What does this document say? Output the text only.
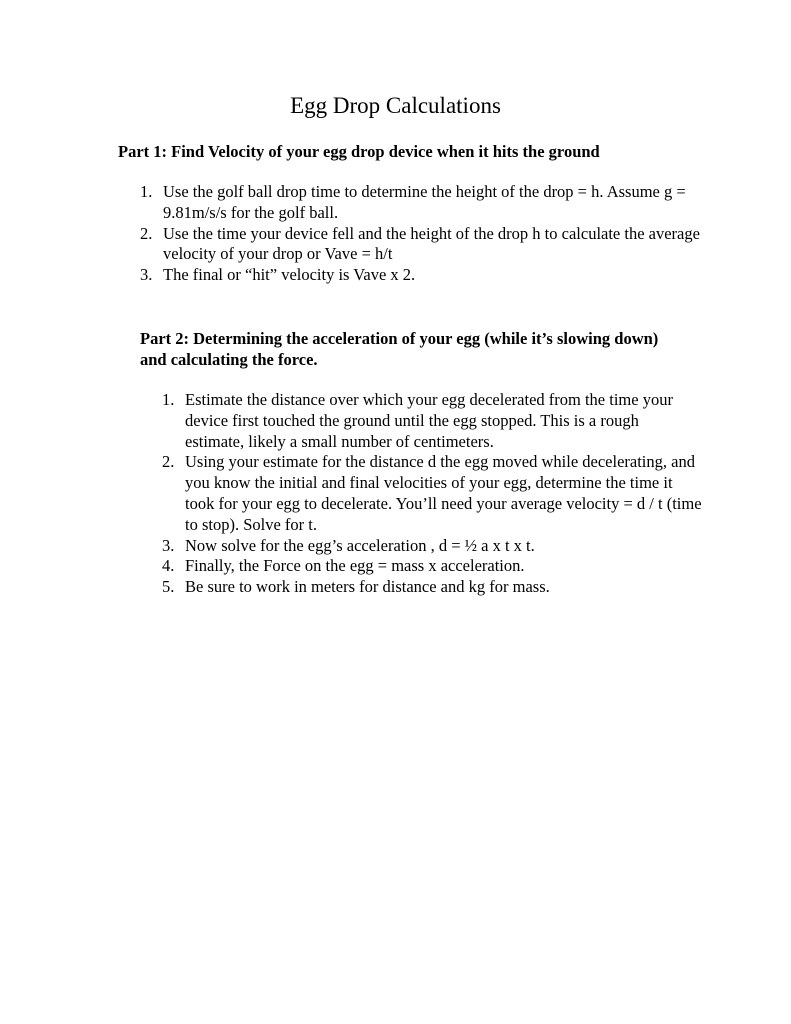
Egg Drop Calculations
Part 1: Find Velocity of your egg drop device when it hits the ground
1. Use the golf ball drop time to determine the height of the drop = h. Assume g = 9.81m/s/s for the golf ball.
2. Use the time your device fell and the height of the drop h to calculate the average velocity of your drop or Vave = h/t
3. The final or “hit” velocity is Vave x 2.
Part 2: Determining the acceleration of your egg (while it’s slowing down) and calculating the force.
1. Estimate the distance over which your egg decelerated from the time your device first touched the ground until the egg stopped. This is a rough estimate, likely a small number of centimeters.
2. Using your estimate for the distance d the egg moved while decelerating, and you know the initial and final velocities of your egg, determine the time it took for your egg to decelerate. You’ll need your average velocity = d / t (time to stop). Solve for t.
3. Now solve for the egg’s acceleration , d = ½ a x t x t.
4. Finally, the Force on the egg = mass x acceleration.
5. Be sure to work in meters for distance and kg for mass.
